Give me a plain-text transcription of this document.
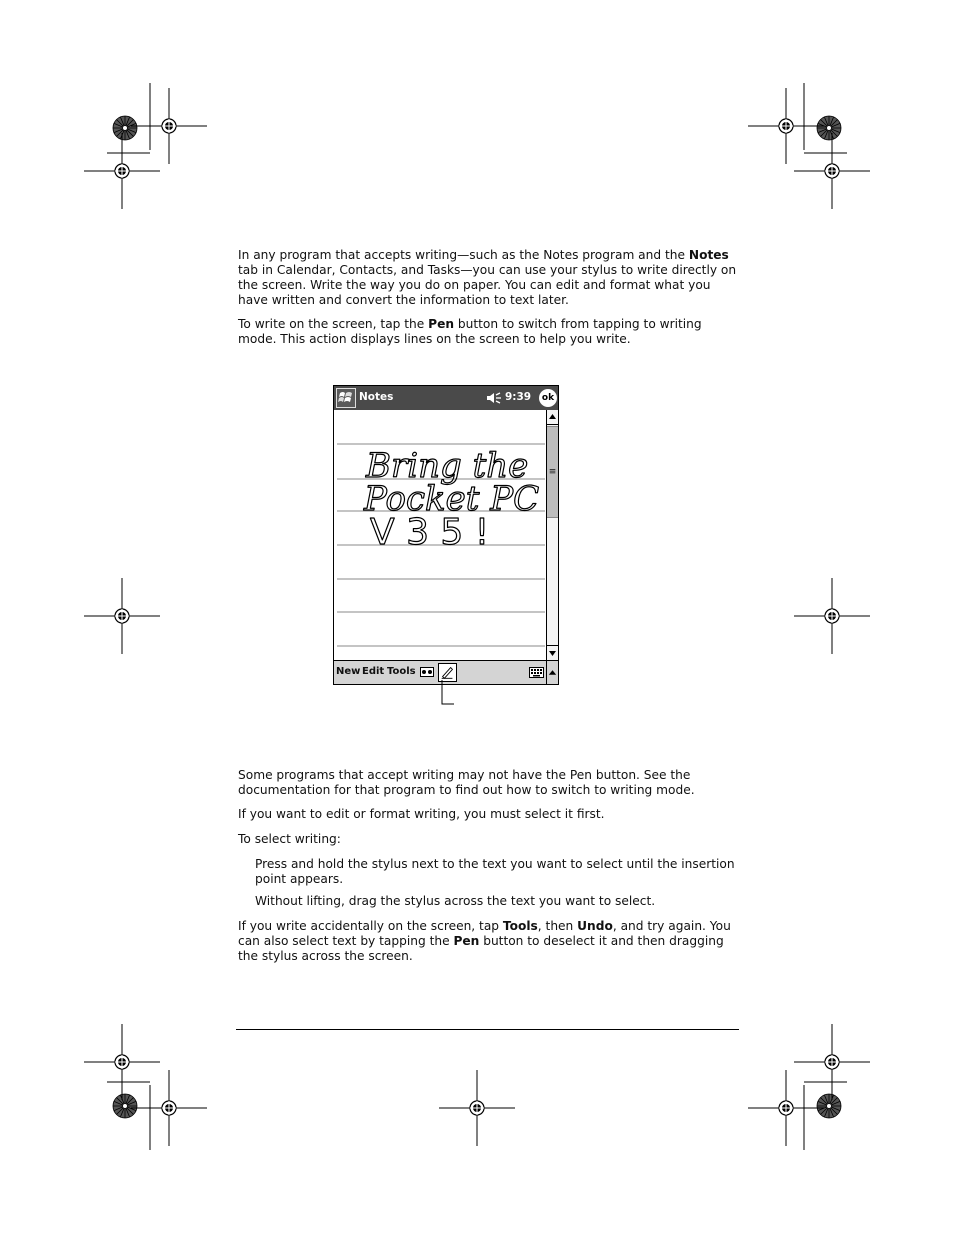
In any program that accepts writing—such as the Notes program and the Notes tab in Calendar, Contacts, and Tasks—you can use your stylus to write directly on the screen. Write the way you do on paper. You can edit and format what you have written and convert the information to text later.

To write on the screen, tap the Pen button to switch from tapping to writing mode. This action displays lines on the screen to help you write.

Notes	9:39	ok
Bring the
Pocket PC
V 3 5 !
≡
New Edit Tools

Some programs that accept writing may not have the Pen button. See the documentation for that program to find out how to switch to writing mode.

If you want to edit or format writing, you must select it first.

To select writing:

Press and hold the stylus next to the text you want to select until the insertion point appears.

Without lifting, drag the stylus across the text you want to select.

If you write accidentally on the screen, tap Tools, then Undo, and try again. You can also select text by tapping the Pen button to deselect it and then dragging the stylus across the screen.
